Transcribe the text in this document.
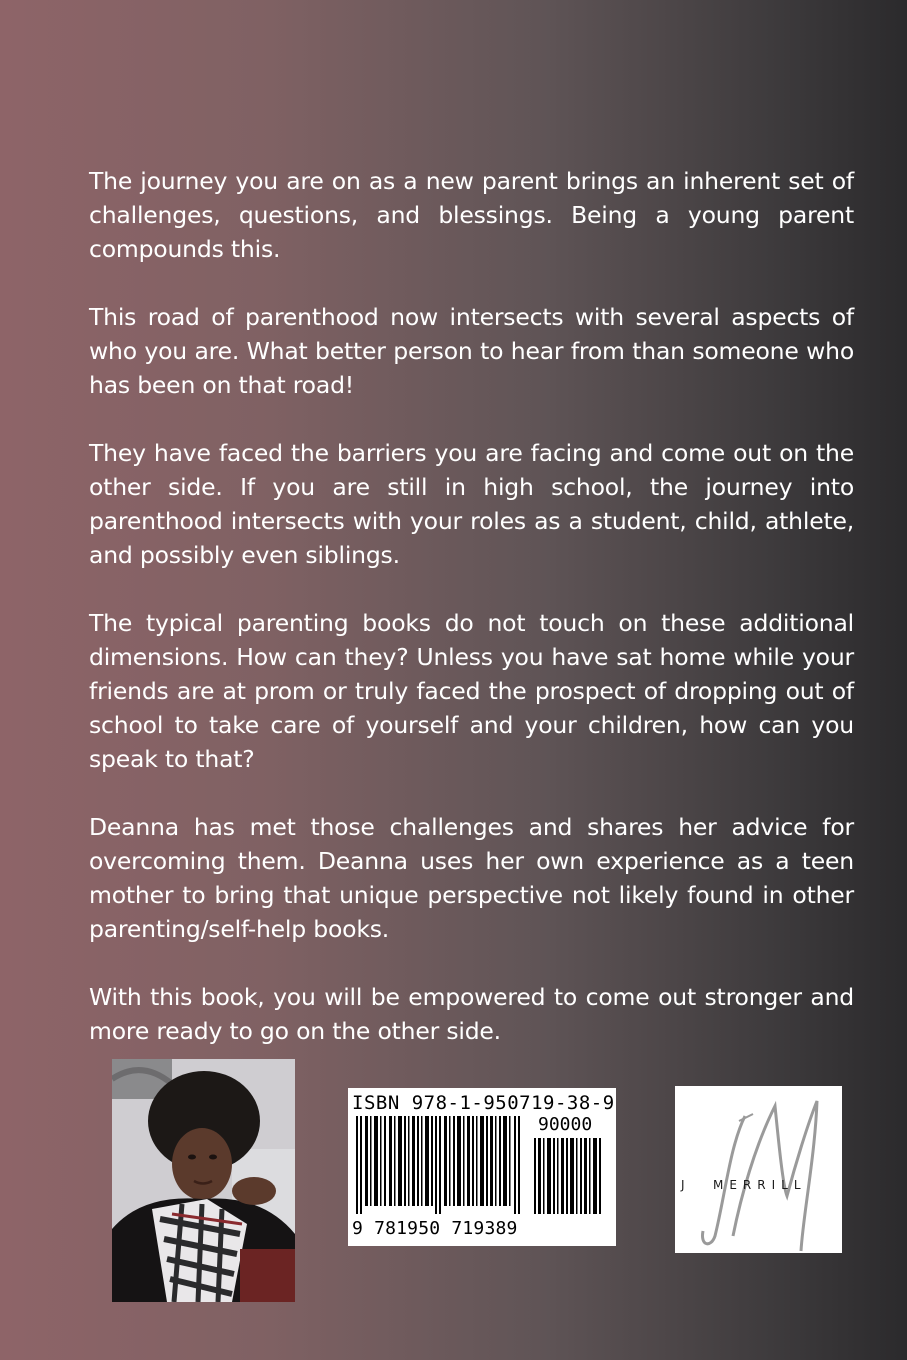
The journey you are on as a new parent brings an inherent set of challenges, questions, and blessings. Being a young parent compounds this.

This road of parenthood now intersects with several aspects of who you are. What better person to hear from than someone who has been on that road!

They have faced the barriers you are facing and come out on the other side. If you are still in high school, the journey into parenthood intersects with your roles as a student, child, athlete, and possibly even siblings.

The typical parenting books do not touch on these additional dimensions. How can they? Unless you have sat home while your friends are at prom or truly faced the prospect of dropping out of school to take care of yourself and your children, how can you speak to that?

Deanna has met those challenges and shares her advice for overcoming them. Deanna uses her own experience as a teen mother to bring that unique perspective not likely found in other parenting/self-help books.

With this book, you will be empowered to come out stronger and more ready to go on the other side.

ISBN 978-1-950719-38-9
90000
9 781950 719389
J MERRILL
